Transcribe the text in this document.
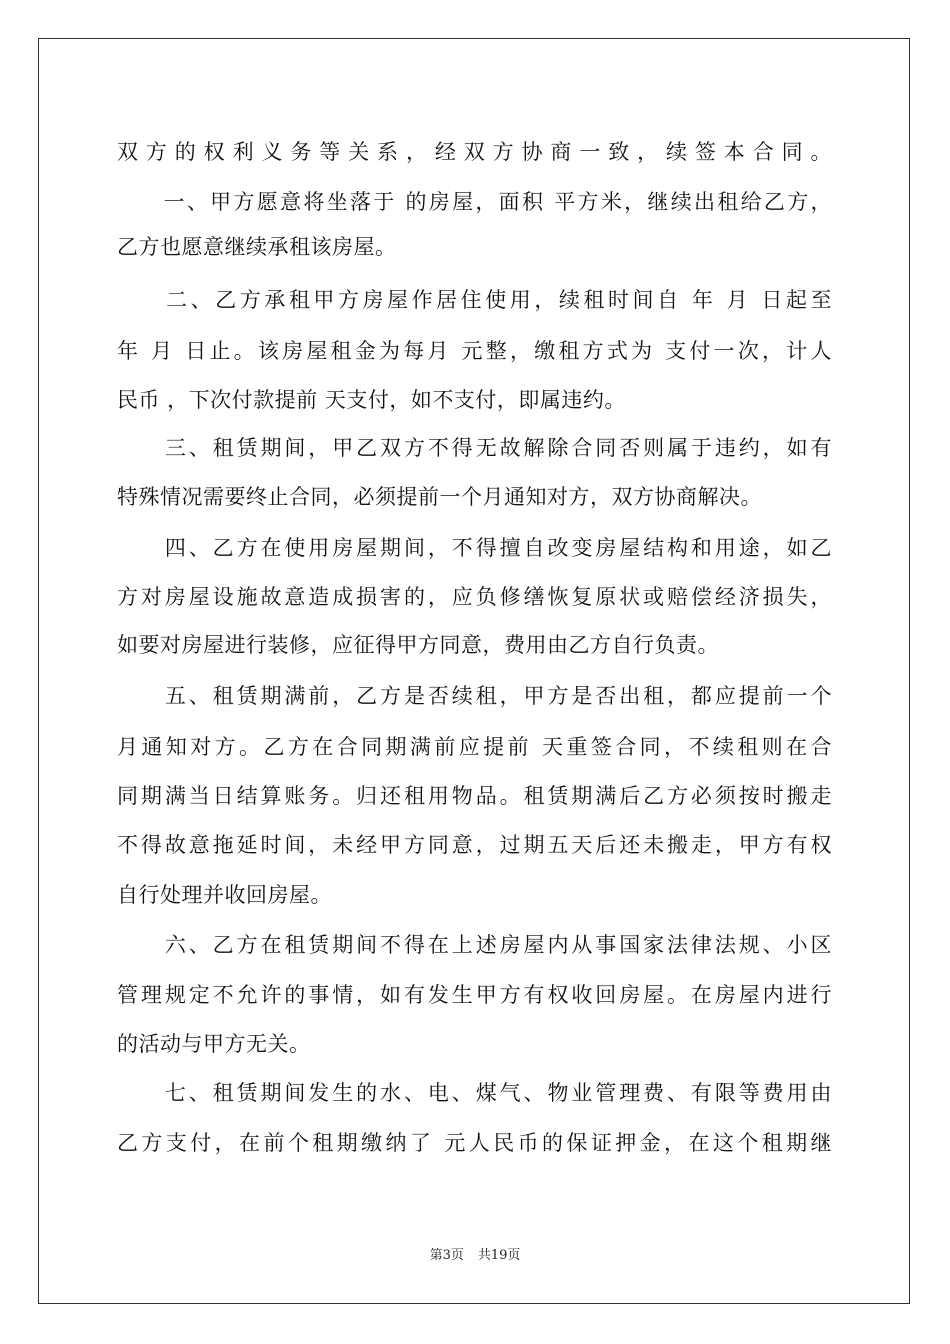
双方的权利义务等关系，经双方协商一致，续签本合同。
　　一、甲方愿意将坐落于 的房屋，面积 平方米，继续出租给乙方，
乙方也愿意继续承租该房屋。
　　二、乙方承租甲方房屋作居住使用，续租时间自 年 月 日起至
年 月 日止。该房屋租金为每月 元整，缴租方式为 支付一次，计人
民币 ，下次付款提前 天支付，如不支付，即属违约。
　　三、租赁期间，甲乙双方不得无故解除合同否则属于违约，如有
特殊情况需要终止合同，必须提前一个月通知对方，双方协商解决。
　　四、乙方在使用房屋期间，不得擅自改变房屋结构和用途，如乙
方对房屋设施故意造成损害的，应负修缮恢复原状或赔偿经济损失，
如要对房屋进行装修，应征得甲方同意，费用由乙方自行负责。
　　五、租赁期满前，乙方是否续租，甲方是否出租，都应提前一个
月通知对方。乙方在合同期满前应提前 天重签合同，不续租则在合
同期满当日结算账务。归还租用物品。租赁期满后乙方必须按时搬走
不得故意拖延时间，未经甲方同意，过期五天后还未搬走，甲方有权
自行处理并收回房屋。
　　六、乙方在租赁期间不得在上述房屋内从事国家法律法规、小区
管理规定不允许的事情，如有发生甲方有权收回房屋。在房屋内进行
的活动与甲方无关。
　　七、租赁期间发生的水、电、煤气、物业管理费、有限等费用由
乙方支付，在前个租期缴纳了 元人民币的保证押金，在这个租期继
第3页 共19页
